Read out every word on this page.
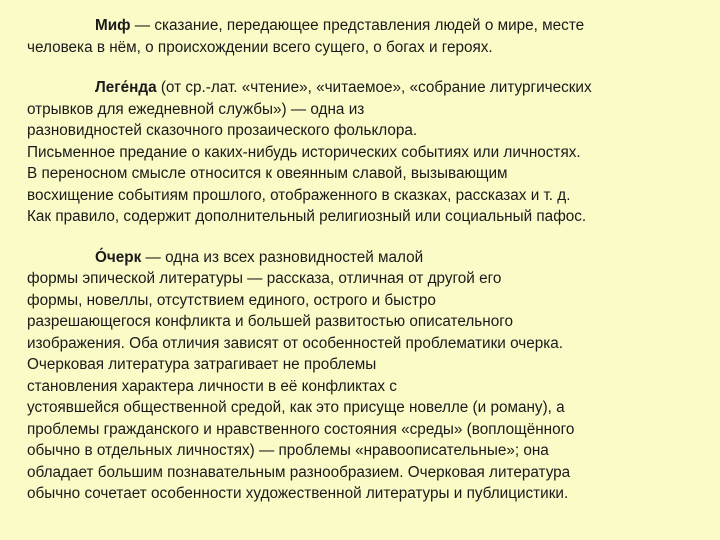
Миф — сказание, передающее представления людей о мире, месте
человека в нём, о происхождении всего сущего, о богах и героях.

Леге́нда (от ср.-лат. «чтение», «читаемое», «собрание литургических
отрывков для ежедневной службы») — одна из
разновидностей сказочного прозаического фольклора.
Письменное предание о каких-нибудь исторических событиях или личностях.
В переносном смысле относится к овеянным славой, вызывающим
восхищение событиям прошлого, отображенного в сказках, рассказах и т. д.
Как правило, содержит дополнительный религиозный или социальный пафос.

О́черк — одна из всех разновидностей малой
формы эпической литературы — рассказа, отличная от другой его
формы, новеллы, отсутствием единого, острого и быстро
разрешающегося конфликта и большей развитостью описательного
изображения. Оба отличия зависят от особенностей проблематики очерка.
Очерковая литература затрагивает не проблемы
становления характера личности в её конфликтах с
устоявшейся общественной средой, как это присуще новелле (и роману), а
проблемы гражданского и нравственного состояния «среды» (воплощённого
обычно в отдельных личностях) — проблемы «нравоописательные»; она
обладает большим познавательным разнообразием. Очерковая литература
обычно сочетает особенности художественной литературы и публицистики.
